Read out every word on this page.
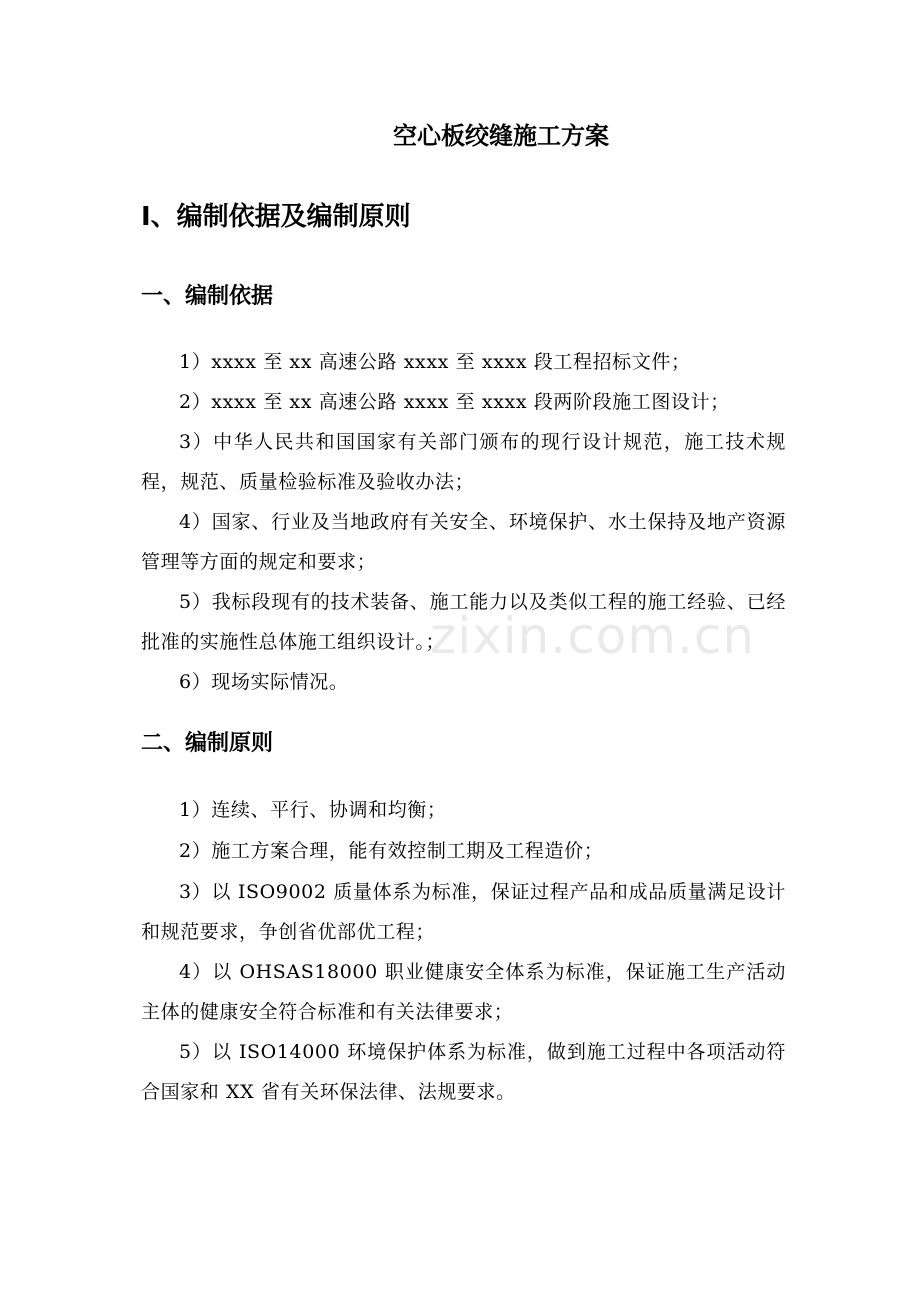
空心板绞缝施工方案
Ⅰ、编制依据及编制原则
一、编制依据
1）xxxx 至 xx 高速公路 xxxx 至 xxxx 段工程招标文件；
2）xxxx 至 xx 高速公路 xxxx 至 xxxx 段两阶段施工图设计；
3）中华人民共和国国家有关部门颁布的现行设计规范，施工技术规程，规范、质量检验标准及验收办法；
4）国家、行业及当地政府有关安全、环境保护、水土保持及地产资源管理等方面的规定和要求；
5）我标段现有的技术装备、施工能力以及类似工程的施工经验、已经批准的实施性总体施工组织设计。；
6）现场实际情况。
二、编制原则
1）连续、平行、协调和均衡；
2）施工方案合理，能有效控制工期及工程造价；
3）以 ISO9002 质量体系为标准，保证过程产品和成品质量满足设计和规范要求，争创省优部优工程；
4）以 OHSAS18000 职业健康安全体系为标准，保证施工生产活动主体的健康安全符合标准和有关法律要求；
5）以 ISO14000 环境保护体系为标准，做到施工过程中各项活动符合国家和 XX 省有关环保法律、法规要求。
zixin.com.cn
